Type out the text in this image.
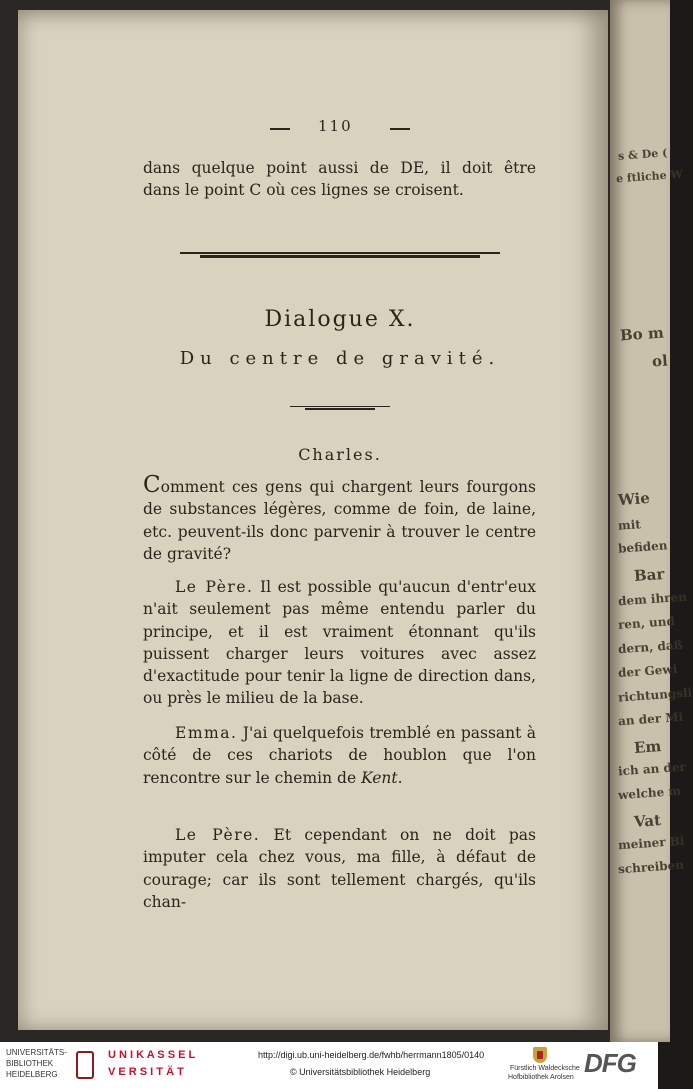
s & De (
e ftliche W
Bo m
ol
Wie
mit
befiden
Bar
dem ihren
ren, und
dern, daß
der Gewi
richtungsli
an der Mi
Em
ich an der
welche m
Vat
meiner Bi
schreiben
110
dans quelque point aussi de DE, il doit être
dans le point C où ces lignes se croisent.
Dialogue X.
Du centre de gravité.
Charles.
Comment ces gens qui chargent leurs fourgons de substances légères, comme de foin, de laine, etc. peuvent-ils donc parvenir à trouver le centre de gravité?
Le Père. Il est possible qu'aucun d'entr'eux n'ait seulement pas même entendu parler du principe, et il est vraiment étonnant qu'ils puissent charger leurs voitures avec assez d'exactitude pour tenir la ligne de direction dans, ou près le milieu de la base.
Emma. J'ai quelquefois tremblé en passant à côté de ces chariots de houblon que l'on rencontre sur le chemin de Kent.
Le Père. Et cependant on ne doit pas imputer cela chez vous, ma fille, à défaut de courage; car ils sont tellement chargés, qu'ils chan-
UNIVERSITÄTS-
BIBLIOTHEK
HEIDELBERG
U N I K A S S E L
V E R S I T Ä T
http://digi.ub.uni-heidelberg.de/fwhb/herrmann1805/0140
© Universitätsbibliothek Heidelberg	Fürstlich Waldecksche
Hofbibliothek Arolsen DFG
